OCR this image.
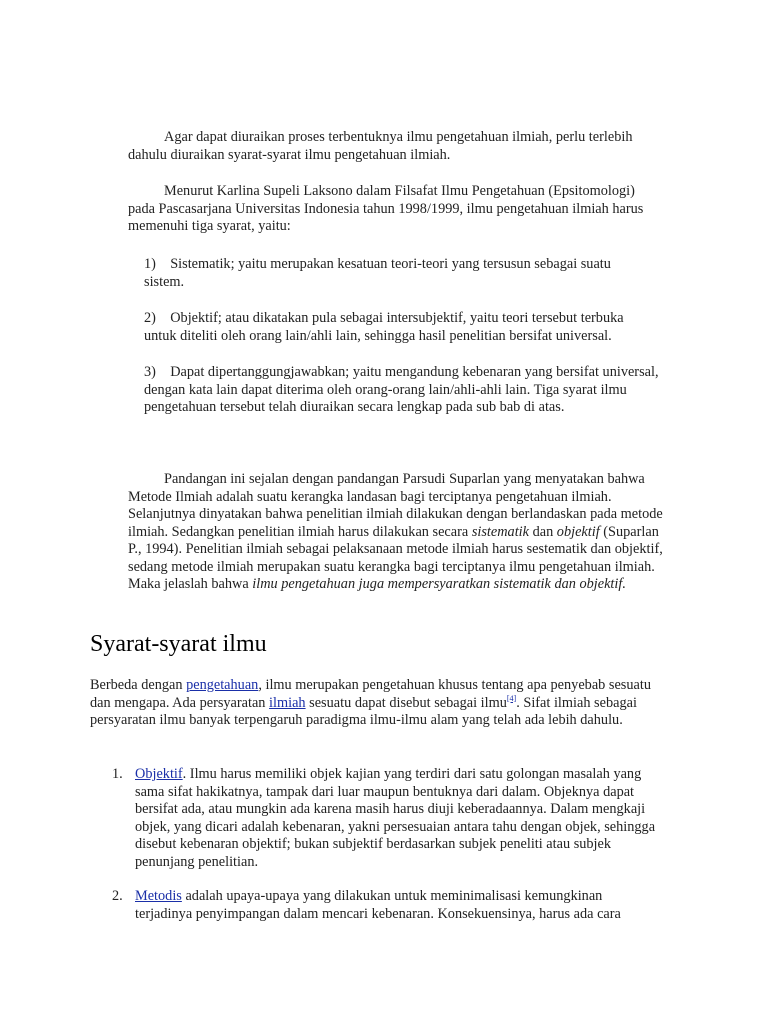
Agar dapat diuraikan proses terbentuknya ilmu pengetahuan ilmiah, perlu terlebih dahulu diuraikan syarat-syarat ilmu pengetahuan ilmiah.

Menurut Karlina Supeli Laksono dalam Filsafat Ilmu Pengetahuan (Epsitomologi) pada Pascasarjana Universitas Indonesia tahun 1998/1999, ilmu pengetahuan ilmiah harus memenuhi tiga syarat, yaitu:

1) Sistematik; yaitu merupakan kesatuan teori-teori yang tersusun sebagai suatu sistem.

2) Objektif; atau dikatakan pula sebagai intersubjektif, yaitu teori tersebut terbuka untuk diteliti oleh orang lain/ahli lain, sehingga hasil penelitian bersifat universal.

3) Dapat dipertanggungjawabkan; yaitu mengandung kebenaran yang bersifat universal, dengan kata lain dapat diterima oleh orang-orang lain/ahli-ahli lain. Tiga syarat ilmu pengetahuan tersebut telah diuraikan secara lengkap pada sub bab di atas.

Pandangan ini sejalan dengan pandangan Parsudi Suparlan yang menyatakan bahwa Metode Ilmiah adalah suatu kerangka landasan bagi terciptanya pengetahuan ilmiah. Selanjutnya dinyatakan bahwa penelitian ilmiah dilakukan dengan berlandaskan pada metode ilmiah. Sedangkan penelitian ilmiah harus dilakukan secara sistematik dan objektif (Suparlan P., 1994). Penelitian ilmiah sebagai pelaksanaan metode ilmiah harus sestematik dan objektif, sedang metode ilmiah merupakan suatu kerangka bagi terciptanya ilmu pengetahuan ilmiah. Maka jelaslah bahwa ilmu pengetahuan juga mempersyaratkan sistematik dan objektif.

Syarat-syarat ilmu

Berbeda dengan pengetahuan, ilmu merupakan pengetahuan khusus tentang apa penyebab sesuatu dan mengapa. Ada persyaratan ilmiah sesuatu dapat disebut sebagai ilmu[4]. Sifat ilmiah sebagai persyaratan ilmu banyak terpengaruh paradigma ilmu-ilmu alam yang telah ada lebih dahulu.

1. Objektif. Ilmu harus memiliki objek kajian yang terdiri dari satu golongan masalah yang sama sifat hakikatnya, tampak dari luar maupun bentuknya dari dalam. Objeknya dapat bersifat ada, atau mungkin ada karena masih harus diuji keberadaannya. Dalam mengkaji objek, yang dicari adalah kebenaran, yakni persesuaian antara tahu dengan objek, sehingga disebut kebenaran objektif; bukan subjektif berdasarkan subjek peneliti atau subjek penunjang penelitian.
2. Metodis adalah upaya-upaya yang dilakukan untuk meminimalisasi kemungkinan terjadinya penyimpangan dalam mencari kebenaran. Konsekuensinya, harus ada cara
